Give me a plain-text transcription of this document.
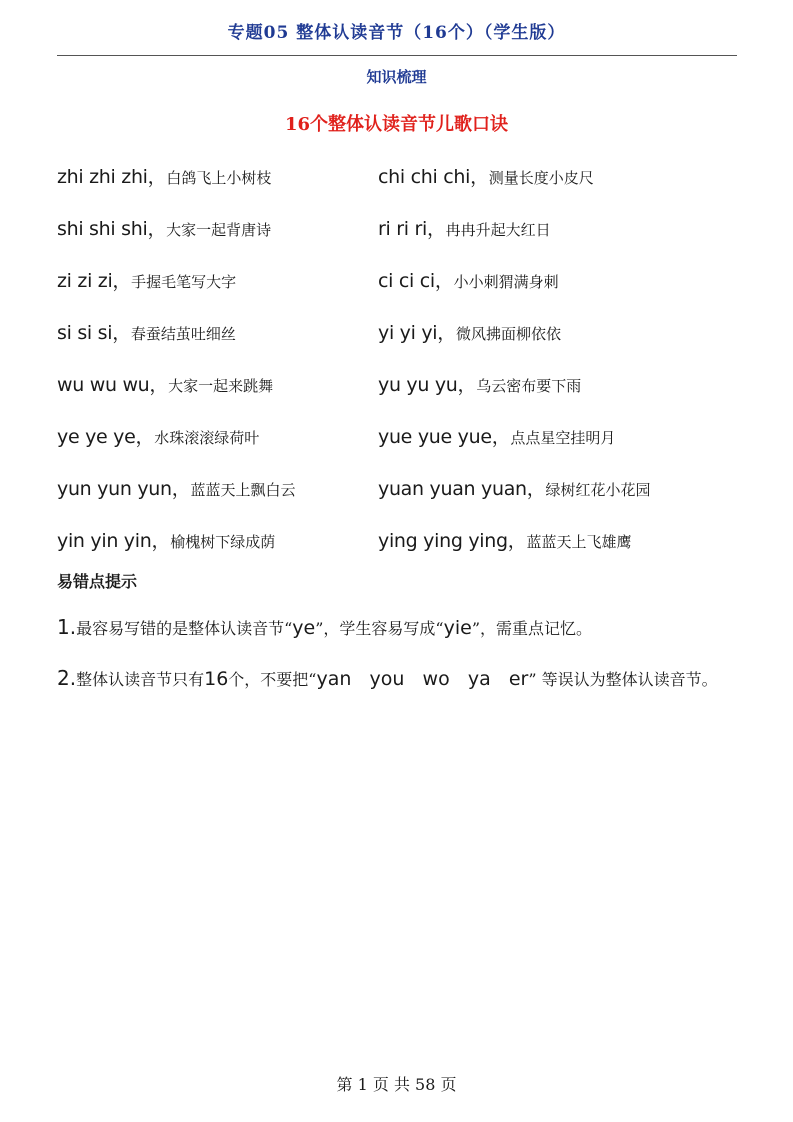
专题05 整体认读音节（16个）（学生版）
知识梳理
16个整体认读音节儿歌口诀
zhi zhi zhi，白鸽飞上小树枝	chi chi chi，测量长度小皮尺
shi shi shi，大家一起背唐诗	ri ri ri，冉冉升起大红日
zi zi zi，手握毛笔写大字	ci ci ci，小小刺猬满身刺
si si si，春蚕结茧吐细丝	yi yi yi，微风拂面柳依依
wu wu wu，大家一起来跳舞	yu yu yu，乌云密布要下雨
ye ye ye，水珠滚滚绿荷叶	yue yue yue，点点星空挂明月
yun yun yun，蓝蓝天上飘白云	yuan yuan yuan，绿树红花小花园
yin yin yin，榆槐树下绿成荫	ying ying ying，蓝蓝天上飞雄鹰
易错点提示
1.最容易写错的是整体认读音节“ye”，学生容易写成“yie”，需重点记忆。
2.整体认读音节只有16个，不要把“yan   you   wo   ya   er” 等误认为整体认读音节。
第 1 页 共 58 页
